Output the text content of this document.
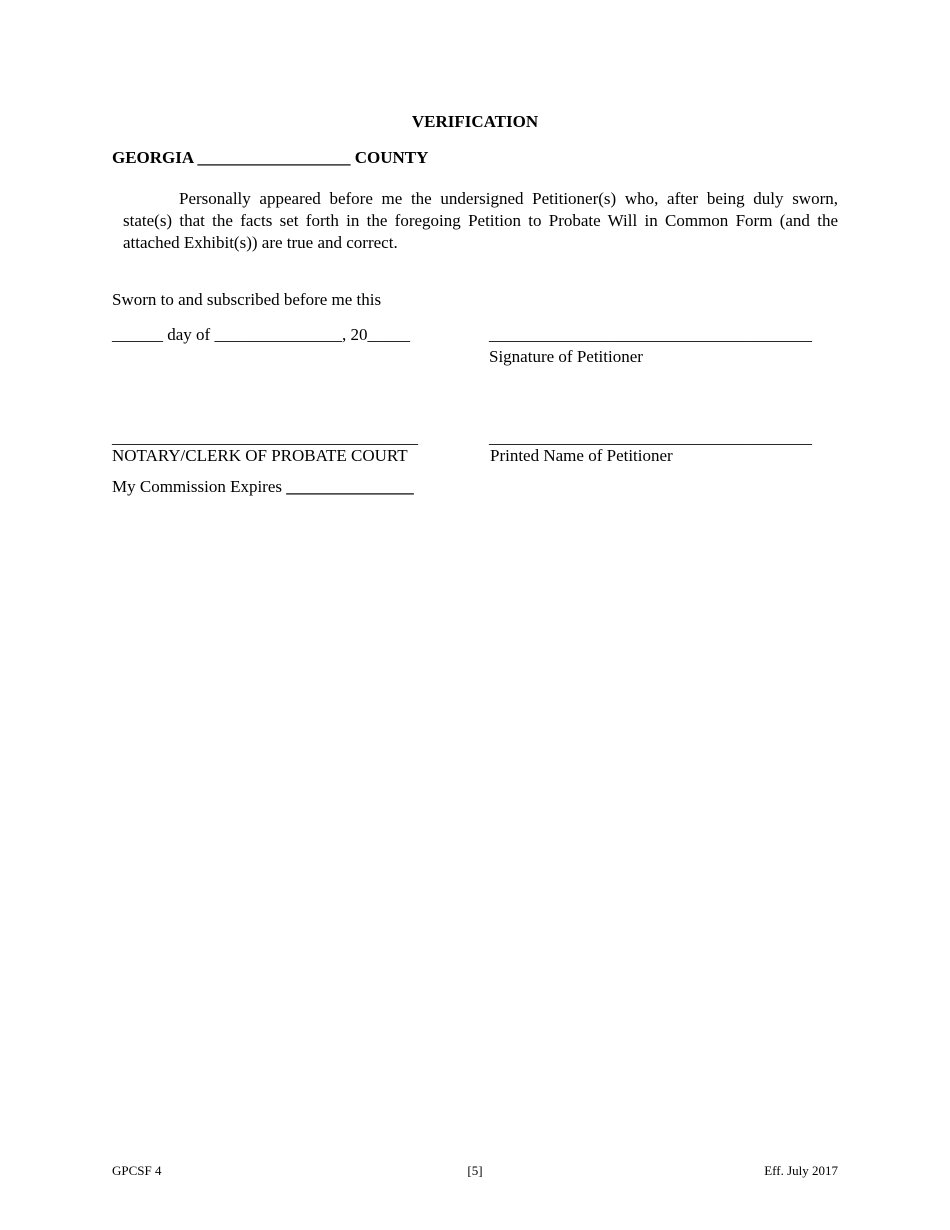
VERIFICATION
GEORGIA __________________ COUNTY

Personally appeared before me the undersigned Petitioner(s) who, after being duly sworn, state(s) that the facts set forth in the foregoing Petition to Probate Will in Common Form (and the attached Exhibit(s)) are true and correct.

Sworn to and subscribed before me this
______ day of _______________, 20_____	______________________________________
Signature of Petitioner
____________________________________	______________________________________
NOTARY/CLERK OF PROBATE COURT	Printed Name of Petitioner
My Commission Expires _______________
GPCSF 4	[5]	Eff. July 2017
